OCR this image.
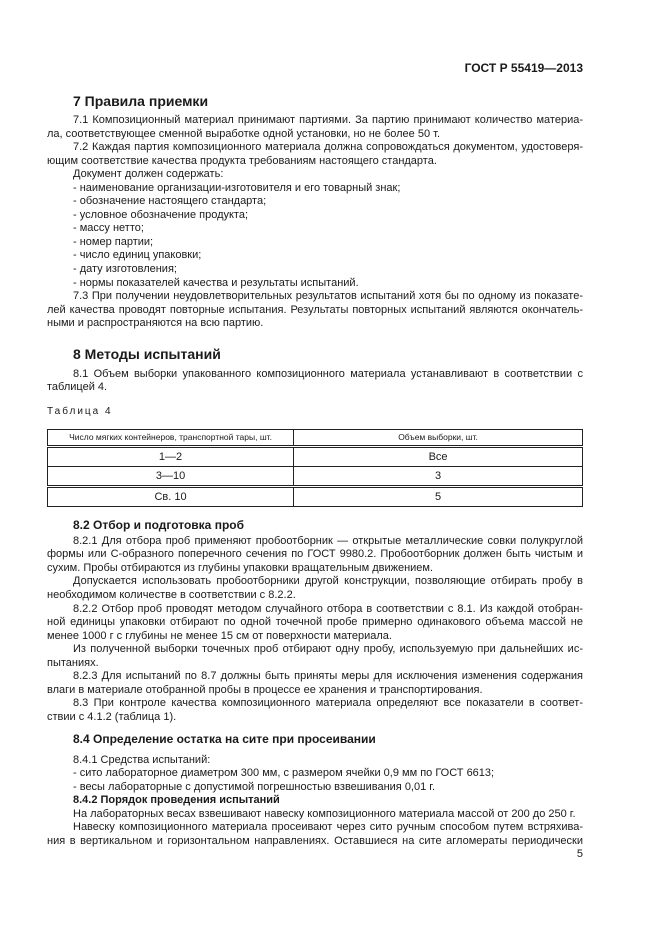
ГОСТ Р 55419—2013
7 Правила приемки
7.1 Композиционный материал принимают партиями. За партию принимают количество материа-
ла, соответствующее сменной выработке одной установки, но не более 50 т.
7.2 Каждая партия композиционного материала должна сопровождаться документом, удостоверя-
ющим соответствие качества продукта требованиям настоящего стандарта.
Документ должен содержать:
- наименование организации-изготовителя и его товарный знак;
- обозначение настоящего стандарта;
- условное обозначение продукта;
- массу нетто;
- номер партии;
- число единиц упаковки;
- дату изготовления;
- нормы показателей качества и результаты испытаний.
7.3 При получении неудовлетворительных результатов испытаний хотя бы по одному из показате-
лей качества проводят повторные испытания. Результаты повторных испытаний являются окончатель-
ными и распространяются на всю партию.
8 Методы испытаний
8.1 Объем выборки упакованного композиционного материала устанавливают в соответствии с
таблицей 4.
Таблица 4
Число мягких контейнеров, транспортной тары, шт.	Объем выборки, шт.
1—2	Все
3—10	3
Св. 10	5
8.2 Отбор и подготовка проб
8.2.1 Для отбора проб применяют пробоотборник — открытые металлические совки полукруглой
формы или С-образного поперечного сечения по ГОСТ 9980.2. Пробоотборник должен быть чистым и
сухим. Пробы отбираются из глубины упаковки вращательным движением.
Допускается использовать пробоотборники другой конструкции, позволяющие отбирать пробу в
необходимом количестве в соответствии с 8.2.2.
8.2.2 Отбор проб проводят методом случайного отбора в соответствии с 8.1. Из каждой отобран-
ной единицы упаковки отбирают по одной точечной пробе примерно одинакового объема массой не
менее 1000 г с глубины не менее 15 см от поверхности материала.
Из полученной выборки точечных проб отбирают одну пробу, используемую при дальнейших ис-
пытаниях.
8.2.3 Для испытаний по 8.7 должны быть приняты меры для исключения изменения содержания
влаги в материале отобранной пробы в процессе ее хранения и транспортирования.
8.3 При контроле качества композиционного материала определяют все показатели в соответ-
ствии с 4.1.2 (таблица 1).
8.4 Определение остатка на сите при просеивании
8.4.1 Средства испытаний:
- сито лабораторное диаметром 300 мм, с размером ячейки 0,9 мм по ГОСТ 6613;
- весы лабораторные с допустимой погрешностью взвешивания 0,01 г.
8.4.2 Порядок проведения испытаний
На лабораторных весах взвешивают навеску композиционного материала массой от 200 до 250 г.
Навеску композиционного материала просеивают через сито ручным способом путем встряхива-
ния в вертикальном и горизонтальном направлениях. Оставшиеся на сите агломераты периодически
5
